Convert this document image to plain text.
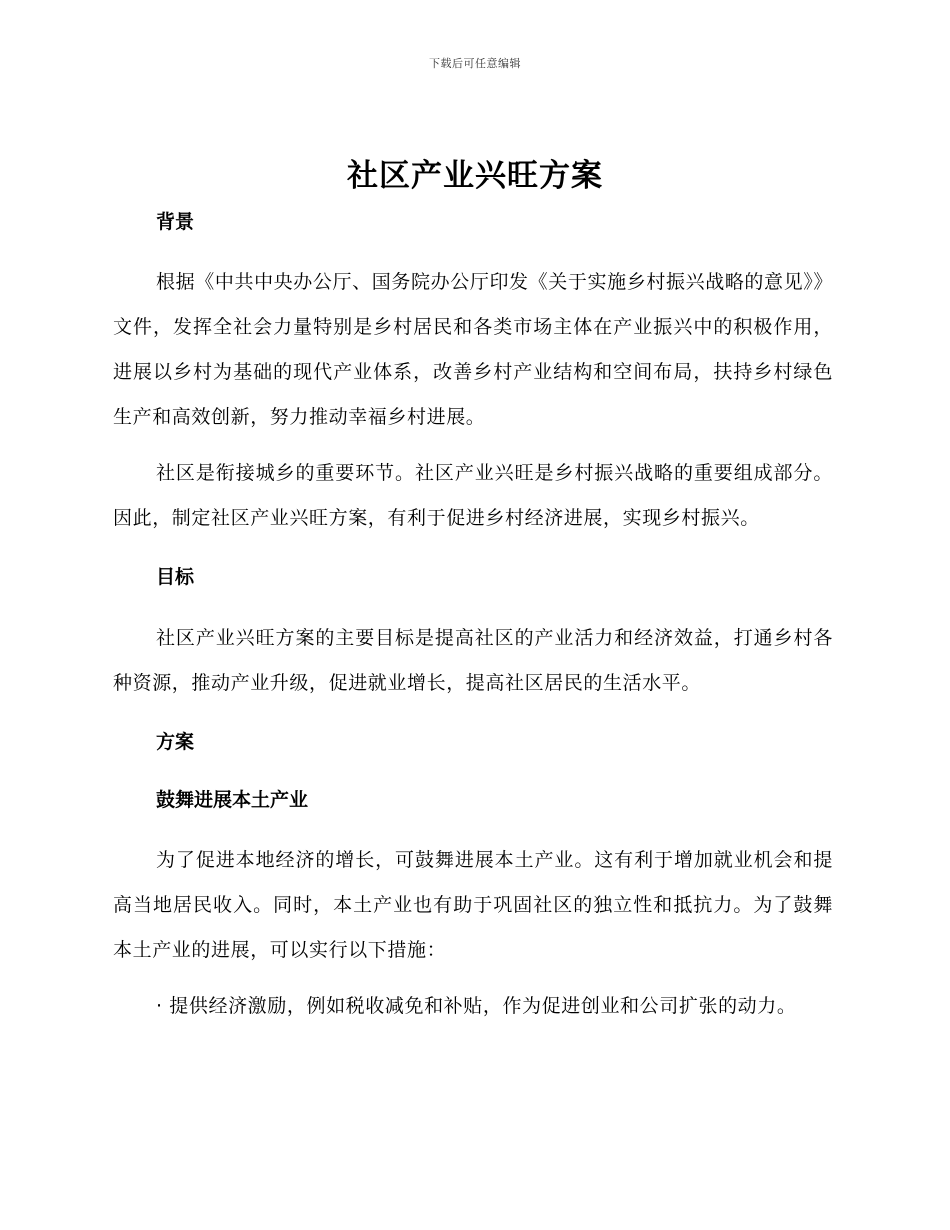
下载后可任意编辑
社区产业兴旺方案

背景

根据《中共中央办公厅、国务院办公厅印发《关于实施乡村振兴战略的意见》》文件，发挥全社会力量特别是乡村居民和各类市场主体在产业振兴中的积极作用，进展以乡村为基础的现代产业体系，改善乡村产业结构和空间布局，扶持乡村绿色生产和高效创新，努力推动幸福乡村进展。

社区是衔接城乡的重要环节。社区产业兴旺是乡村振兴战略的重要组成部分。因此，制定社区产业兴旺方案，有利于促进乡村经济进展，实现乡村振兴。

目标

社区产业兴旺方案的主要目标是提高社区的产业活力和经济效益，打通乡村各种资源，推动产业升级，促进就业增长，提高社区居民的生活水平。

方案

鼓舞进展本土产业

为了促进本地经济的增长，可鼓舞进展本土产业。这有利于增加就业机会和提高当地居民收入。同时，本土产业也有助于巩固社区的独立性和抵抗力。为了鼓舞本土产业的进展，可以实行以下措施：

· 提供经济激励，例如税收减免和补贴，作为促进创业和公司扩张的动力。
